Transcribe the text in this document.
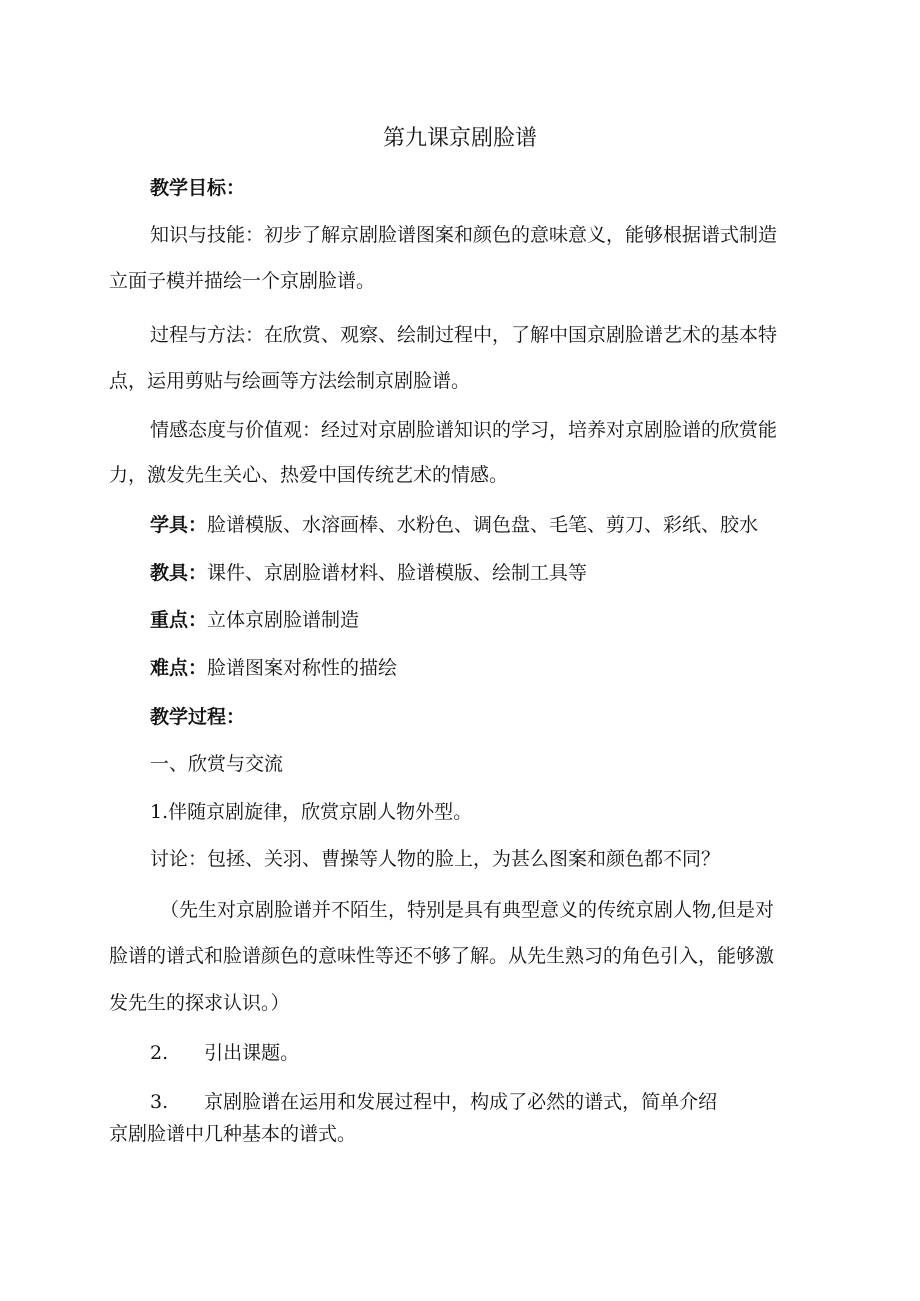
第九课京剧脸谱

教学目标：

知识与技能：初步了解京剧脸谱图案和颜色的意味意义，能够根据谱式制造

立面子模并描绘一个京剧脸谱。

过程与方法：在欣赏、观察、绘制过程中，了解中国京剧脸谱艺术的基本特

点，运用剪贴与绘画等方法绘制京剧脸谱。

情感态度与价值观：经过对京剧脸谱知识的学习，培养对京剧脸谱的欣赏能

力，激发先生关心、热爱中国传统艺术的情感。

学具：脸谱模版、水溶画棒、水粉色、调色盘、毛笔、剪刀、彩纸、胶水

教具：课件、京剧脸谱材料、脸谱模版、绘制工具等

重点：立体京剧脸谱制造

难点：脸谱图案对称性的描绘

教学过程：

一、欣赏与交流

1.伴随京剧旋律，欣赏京剧人物外型。

讨论：包拯、关羽、曹操等人物的脸上，为甚么图案和颜色都不同？

（先生对京剧脸谱并不陌生，特别是具有典型意义的传统京剧人物,但是对

脸谱的谱式和脸谱颜色的意味性等还不够了解。从先生熟习的角色引入，能够激

发先生的探求认识。）

2. 引出课题。

3. 京剧脸谱在运用和发展过程中，构成了必然的谱式，简单介绍

京剧脸谱中几种基本的谱式。
